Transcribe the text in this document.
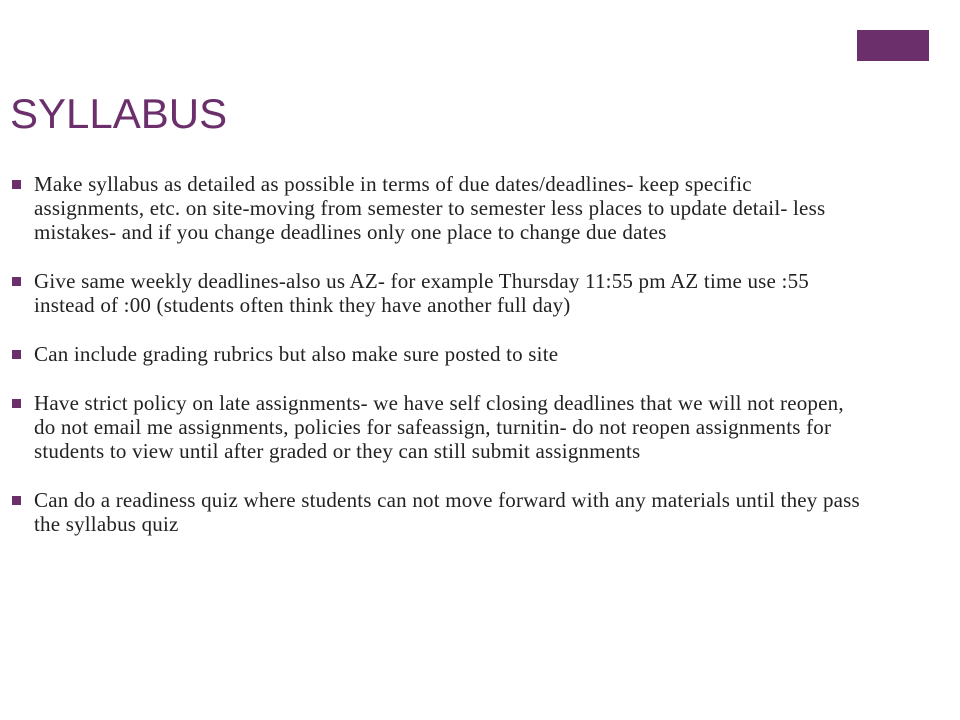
SYLLABUS
Make syllabus as detailed as possible in terms of due dates/deadlines- keep specific assignments, etc. on site-moving from semester to semester less places to update detail- less mistakes- and if you change deadlines only one place to change due dates
Give same weekly deadlines-also us AZ- for example Thursday 11:55 pm AZ time use :55 instead of :00 (students often think they have another full day)
Can include grading rubrics but also make sure posted to site
Have strict policy on late assignments- we have self closing deadlines that we will not reopen, do not email me assignments, policies for safeassign, turnitin- do not reopen assignments for students to view until after graded or they can still submit assignments
Can do a readiness quiz where students can not move forward with any materials until they pass the syllabus quiz
